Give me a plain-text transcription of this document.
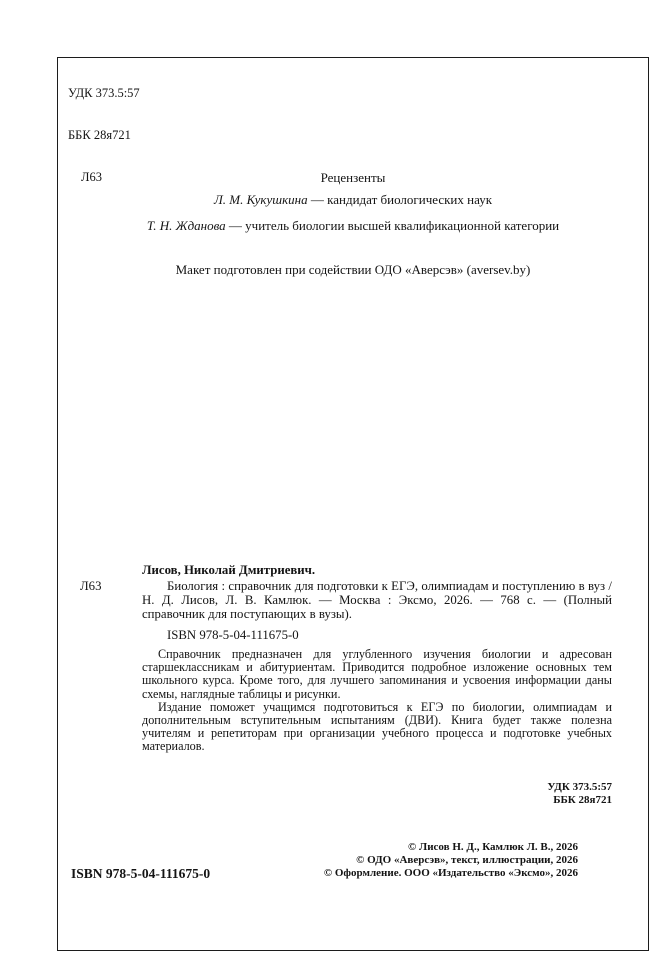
УДК 373.5:57

ББК 28я721

Л63	Рецензенты
Л. М. Кукушкина — кандидат биологических наук
Т. Н. Жданова — учитель биологии высшей квалификационной категории
Макет подготовлен при содействии ОДО «Аверсэв» (aversev.by)
Лисов, Николай Дмитриевич.
Л63	Биология : справочник для подготовки к ЕГЭ, олимпиадам и поступлению в вуз / Н. Д. Лисов, Л. В. Камлюк. — Москва : Эксмо, 2026. — 768 с. — (Полный справочник для поступающих в вузы).
ISBN 978-5-04-111675-0
Справочник предназначен для углубленного изучения биологии и адресован старшеклассникам и абитуриентам. Приводится подробное изложение основных тем школьного курса. Кроме того, для лучшего запоминания и усвоения информации даны схемы, наглядные таблицы и рисунки.
Издание поможет учащимся подготовиться к ЕГЭ по биологии, олимпиадам и дополнительным вступительным испытаниям (ДВИ). Книга будет также полезна учителям и репетиторам при организации учебного процесса и подготовке учебных материалов.
УДК 373.5:57
ББК 28я721
© Лисов Н. Д., Камлюк Л. В., 2026
© ОДО «Аверсэв», текст, иллюстрации, 2026
© Оформление. ООО «Издательство «Эксмо», 2026
ISBN 978-5-04-111675-0
